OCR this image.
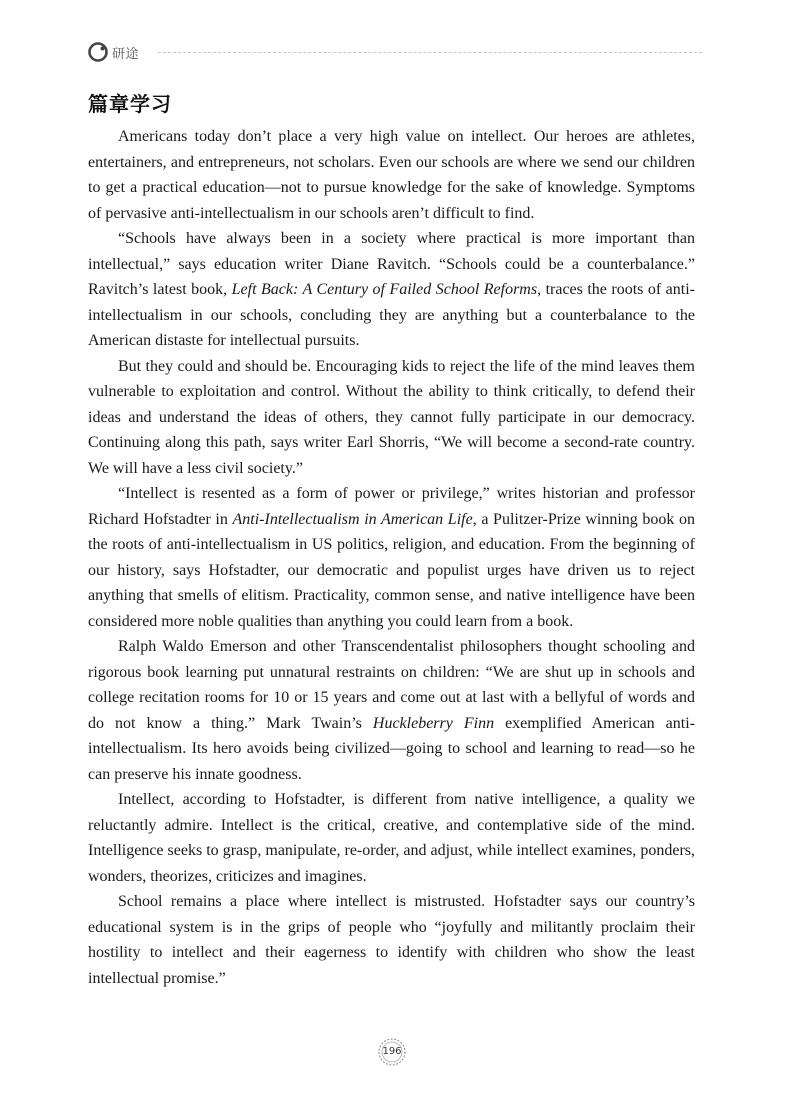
研途
篇章学习

Americans today don’t place a very high value on intellect. Our heroes are athletes, entertainers, and entrepreneurs, not scholars. Even our schools are where we send our children to get a practical education—not to pursue knowledge for the sake of knowledge. Symptoms of pervasive anti-intellectualism in our schools aren’t difficult to find.

“Schools have always been in a society where practical is more important than intellectual,” says education writer Diane Ravitch. “Schools could be a counterbalance.” Ravitch’s latest book, Left Back: A Century of Failed School Reforms, traces the roots of anti-intellectualism in our schools, concluding they are anything but a counterbalance to the American distaste for intellectual pursuits.

But they could and should be. Encouraging kids to reject the life of the mind leaves them vulnerable to exploitation and control. Without the ability to think critically, to defend their ideas and understand the ideas of others, they cannot fully participate in our democracy. Continuing along this path, says writer Earl Shorris, “We will become a second-rate country. We will have a less civil society.”

“Intellect is resented as a form of power or privilege,” writes historian and professor Richard Hofstadter in Anti-Intellectualism in American Life, a Pulitzer-Prize winning book on the roots of anti-intellectualism in US politics, religion, and education. From the beginning of our history, says Hofstadter, our democratic and populist urges have driven us to reject anything that smells of elitism. Practicality, common sense, and native intelligence have been considered more noble qualities than anything you could learn from a book.

Ralph Waldo Emerson and other Transcendentalist philosophers thought schooling and rigorous book learning put unnatural restraints on children: “We are shut up in schools and college recitation rooms for 10 or 15 years and come out at last with a bellyful of words and do not know a thing.” Mark Twain’s Huckleberry Finn exemplified American anti-intellectualism. Its hero avoids being civilized—going to school and learning to read—so he can preserve his innate goodness.

Intellect, according to Hofstadter, is different from native intelligence, a quality we reluctantly admire. Intellect is the critical, creative, and contemplative side of the mind. Intelligence seeks to grasp, manipulate, re-order, and adjust, while intellect examines, ponders, wonders, theorizes, criticizes and imagines.

School remains a place where intellect is mistrusted. Hofstadter says our country’s educational system is in the grips of people who “joyfully and militantly proclaim their hostility to intellect and their eagerness to identify with children who show the least intellectual promise.”

196
